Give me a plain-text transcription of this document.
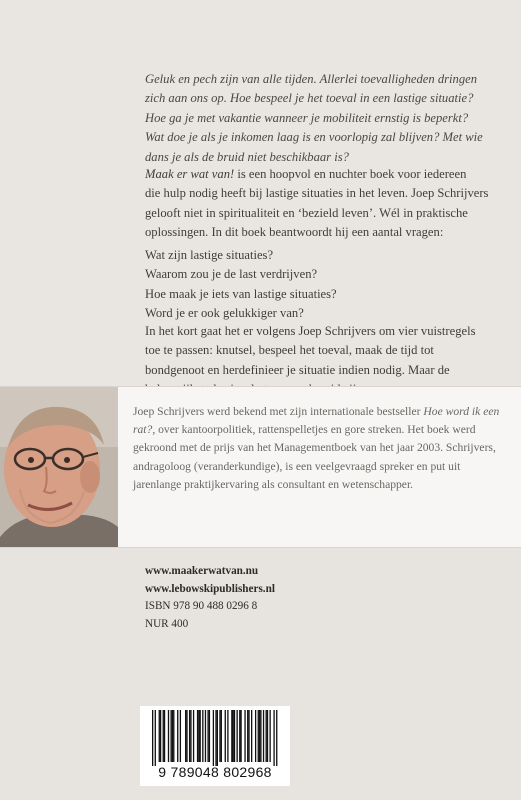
Geluk en pech zijn van alle tijden. Allerlei toevalligheden dringen

zich aan ons op. Hoe bespeel je het toeval in een lastige situatie?

Hoe ga je met vakantie wanneer je mobiliteit ernstig is beperkt?

Wat doe je als je inkomen laag is en voorlopig zal blijven? Met wie

dans je als de bruid niet beschikbaar is?

Maak er wat van! is een hoopvol en nuchter boek voor iedereen

die hulp nodig heeft bij lastige situaties in het leven. Joep Schrijvers

gelooft niet in spiritualiteit en ‘bezield leven’. Wél in praktische

oplossingen. In dit boek beantwoordt hij een aantal vragen:

Wat zijn lastige situaties?

Waarom zou je de last verdrijven?

Hoe maak je iets van lastige situaties?

Word je er ook gelukkiger van?

In het kort gaat het er volgens Joep Schrijvers om vier vuistregels

toe te passen: knutsel, bespeel het toeval, maak de tijd tot

bondgenoot en herdefinieer je situatie indien nodig. Maar de

Joep Schrijvers werd bekend met zijn internationale bestseller Hoe word ik een rat?, over kantoorpolitiek, rattenspelletjes en gore streken. Het boek werd gekroond met de prijs van het Managementboek van het jaar 2003. Schrijvers, andragoloog (veranderkundige), is een veelgevraagd spreker en put uit jarenlange praktijkervaring als consultant en wetenschapper.

www.maakerwatvan.nu
www.lebowskipublishers.nl
ISBN 978 90 488 0296 8
NUR 400
9 789048 802968
